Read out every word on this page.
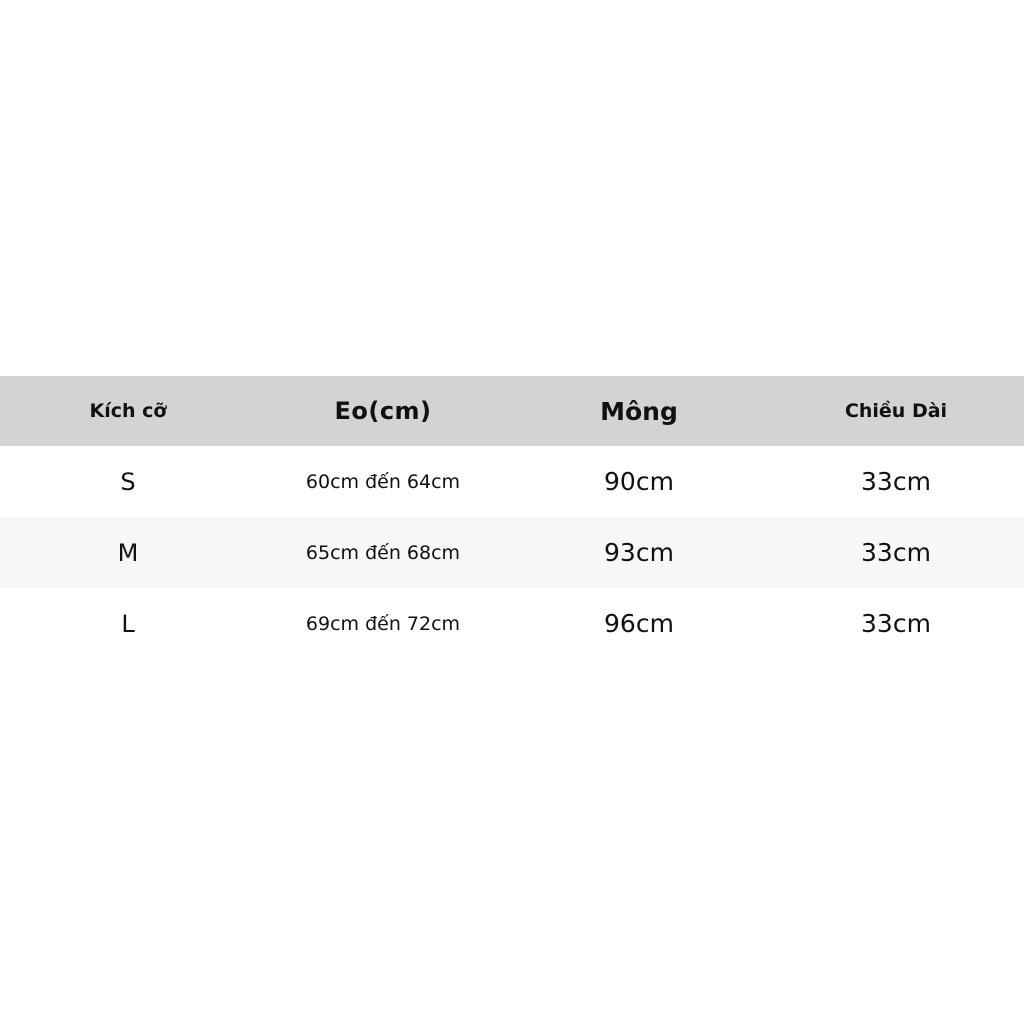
Kích cỡ	Eo(cm)	Mông	Chiều Dài
S	60cm đến 64cm	90cm	33cm
M	65cm đến 68cm	93cm	33cm
L	69cm đến 72cm	96cm	33cm
